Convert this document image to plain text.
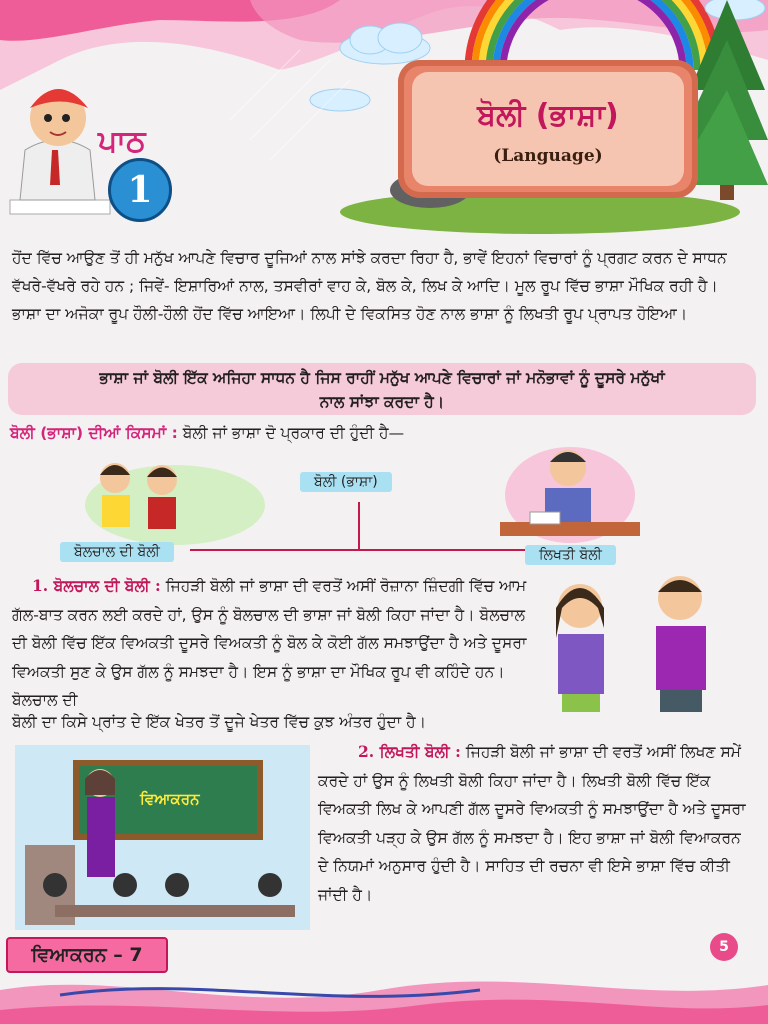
ਪਾਠ
1
ਬੋਲੀ (ਭਾਸ਼ਾ)
(Language)

ਹੋਂਦ ਵਿੱਚ ਆਉਣ ਤੋਂ ਹੀ ਮਨੁੱਖ ਆਪਣੇ ਵਿਚਾਰ ਦੂਜਿਆਂ ਨਾਲ ਸਾਂਝੇ ਕਰਦਾ ਰਿਹਾ ਹੈ, ਭਾਵੇਂ ਇਹਨਾਂ ਵਿਚਾਰਾਂ ਨੂੰ ਪ੍ਰਗਟ ਕਰਨ ਦੇ ਸਾਧਨ ਵੱਖਰੇ-ਵੱਖਰੇ ਰਹੇ ਹਨ ; ਜਿਵੇਂ- ਇਸ਼ਾਰਿਆਂ ਨਾਲ, ਤਸਵੀਰਾਂ ਵਾਹ ਕੇ, ਬੋਲ ਕੇ, ਲਿਖ ਕੇ ਆਦਿ। ਮੂਲ ਰੂਪ ਵਿੱਚ ਭਾਸ਼ਾ ਮੌਖਿਕ ਰਹੀ ਹੈ। ਭਾਸ਼ਾ ਦਾ ਅਜੋਕਾ ਰੂਪ ਹੌਲੀ-ਹੌਲੀ ਹੋਂਦ ਵਿੱਚ ਆਇਆ। ਲਿਪੀ ਦੇ ਵਿਕਸਿਤ ਹੋਣ ਨਾਲ ਭਾਸ਼ਾ ਨੂੰ ਲਿਖਤੀ ਰੂਪ ਪ੍ਰਾਪਤ ਹੋਇਆ।

ਭਾਸ਼ਾ ਜਾਂ ਬੋਲੀ ਇੱਕ ਅਜਿਹਾ ਸਾਧਨ ਹੈ ਜਿਸ ਰਾਹੀਂ ਮਨੁੱਖ ਆਪਣੇ ਵਿਚਾਰਾਂ ਜਾਂ ਮਨੋਭਾਵਾਂ ਨੂੰ ਦੂਸਰੇ ਮਨੁੱਖਾਂ
ਨਾਲ ਸਾਂਝਾ ਕਰਦਾ ਹੈ।
ਬੋਲੀ (ਭਾਸ਼ਾ) ਦੀਆਂ ਕਿਸਮਾਂ : ਬੋਲੀ ਜਾਂ ਭਾਸ਼ਾ ਦੋ ਪ੍ਰਕਾਰ ਦੀ ਹੁੰਦੀ ਹੈ—
ਬੋਲੀ (ਭਾਸ਼ਾ)
ਬੋਲਚਾਲ ਦੀ ਬੋਲੀ	ਲਿਖਤੀ ਬੋਲੀ

1. ਬੋਲਚਾਲ ਦੀ ਬੋਲੀ : ਜਿਹੜੀ ਬੋਲੀ ਜਾਂ ਭਾਸ਼ਾ ਦੀ ਵਰਤੋਂ ਅਸੀਂ ਰੋਜ਼ਾਨਾ ਜ਼ਿੰਦਗੀ ਵਿੱਚ ਆਮ ਗੱਲ-ਬਾਤ ਕਰਨ ਲਈ ਕਰਦੇ ਹਾਂ, ਉਸ ਨੂੰ ਬੋਲਚਾਲ ਦੀ ਭਾਸ਼ਾ ਜਾਂ ਬੋਲੀ ਕਿਹਾ ਜਾਂਦਾ ਹੈ। ਬੋਲਚਾਲ ਦੀ ਬੋਲੀ ਵਿੱਚ ਇੱਕ ਵਿਅਕਤੀ ਦੂਸਰੇ ਵਿਅਕਤੀ ਨੂੰ ਬੋਲ ਕੇ ਕੋਈ ਗੱਲ ਸਮਝਾਉਂਦਾ ਹੈ ਅਤੇ ਦੂਸਰਾ ਵਿਅਕਤੀ ਸੁਣ ਕੇ ਉਸ ਗੱਲ ਨੂੰ ਸਮਝਦਾ ਹੈ। ਇਸ ਨੂੰ ਭਾਸ਼ਾ ਦਾ ਮੌਖਿਕ ਰੂਪ ਵੀ ਕਹਿੰਦੇ ਹਨ। ਬੋਲਚਾਲ ਦੀ

ਬੋਲੀ ਦਾ ਕਿਸੇ ਪ੍ਰਾਂਤ ਦੇ ਇੱਕ ਖੇਤਰ ਤੋਂ ਦੂਜੇ ਖੇਤਰ ਵਿੱਚ ਕੁਝ ਅੰਤਰ ਹੁੰਦਾ ਹੈ।
ਵਿਆਕਰਨ

2. ਲਿਖਤੀ ਬੋਲੀ : ਜਿਹੜੀ ਬੋਲੀ ਜਾਂ ਭਾਸ਼ਾ ਦੀ ਵਰਤੋਂ ਅਸੀਂ ਲਿਖਣ ਸਮੇਂ ਕਰਦੇ ਹਾਂ ਉਸ ਨੂੰ ਲਿਖਤੀ ਬੋਲੀ ਕਿਹਾ ਜਾਂਦਾ ਹੈ। ਲਿਖਤੀ ਬੋਲੀ ਵਿੱਚ ਇੱਕ ਵਿਅਕਤੀ ਲਿਖ ਕੇ ਆਪਣੀ ਗੱਲ ਦੂਸਰੇ ਵਿਅਕਤੀ ਨੂੰ ਸਮਝਾਉਂਦਾ ਹੈ ਅਤੇ ਦੂਸਰਾ ਵਿਅਕਤੀ ਪੜ੍ਹ ਕੇ ਉਸ ਗੱਲ ਨੂੰ ਸਮਝਦਾ ਹੈ। ਇਹ ਭਾਸ਼ਾ ਜਾਂ ਬੋਲੀ ਵਿਆਕਰਨ ਦੇ ਨਿਯਮਾਂ ਅਨੁਸਾਰ ਹੁੰਦੀ ਹੈ। ਸਾਹਿਤ ਦੀ ਰਚਨਾ ਵੀ ਇਸੇ ਭਾਸ਼ਾ ਵਿੱਚ ਕੀਤੀ ਜਾਂਦੀ ਹੈ।

ਵਿਆਕਰਨ – 7	5
